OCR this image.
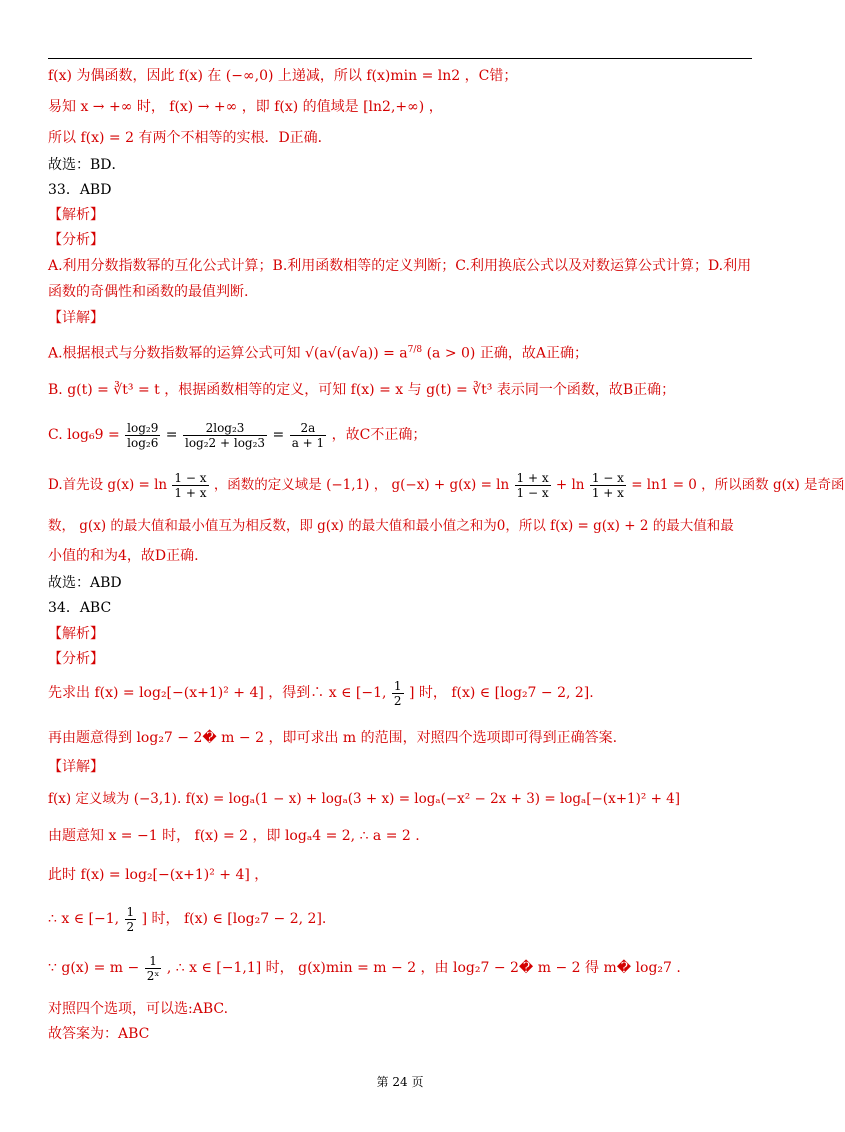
f(x) 为偶函数，因此 f(x) 在 (−∞,0) 上递减，所以 f(x)min = ln2 ，C错；
易知 x → +∞ 时， f(x) → +∞ ，即 f(x) 的值域是 [ln2,+∞) ，
所以 f(x) = 2 有两个不相等的实根．D正确．
故选：BD．
33．ABD
【解析】
【分析】
A.利用分数指数幂的互化公式计算；B.利用函数相等的定义判断；C.利用换底公式以及对数运算公式计算；D.利用
函数的奇偶性和函数的最值判断.
【详解】
A.根据根式与分数指数幂的运算公式可知 $√(a√(a√a)) = a^{7/8}$ (a > 0) 正确，故A正确；
B. g(t) = ∛t³ = t ，根据函数相等的定义，可知 f(x) = x 与 g(t) = ∛t³ 表示同一个函数，故B正确；
C. $\log_69 = \frac{\text{log₂9}}{\text{log₂6}} = \frac{\text{2log₂3}}{\text{log₂2 + log₂3}} = \frac{2a}{a + 1}$ ，故C不正确；
D.首先设 $g(x) = \ln \frac{1 - x}{1 + x}$ ，函数的定义域是 (−1,1) ， $g(-x) + g(x) = \ln \frac{1 + x}{1 - x} + \ln \frac{1 - x}{1 + x} = \ln 1 = 0$ ，所以函数 g(x) 是奇函
数， g(x) 的最大值和最小值互为相反数，即 g(x) 的最大值和最小值之和为0，所以 f(x) = g(x) + 2 的最大值和最
小值的和为4，故D正确.
故选：ABD
34．ABC
【解析】
【分析】
先求出 f(x) = log₂[−(x+1)² + 4] ，得到∴ x ∈ [−1, $\frac{1}{2}$ ] 时， f(x) ∈ [log₂7 − 2, 2].
再由题意得到 log₂7 − 2� m − 2 ，即可求出 m 的范围，对照四个选项即可得到正确答案.
【详解】
f(x) 定义域为 (−3,1). f(x) = logₐ(1 − x) + logₐ(3 + x) = logₐ(−x² − 2x + 3) = logₐ[−(x+1)² + 4]
由题意知 x = −1 时， f(x) = 2 ，即 logₐ4 = 2, ∴ a = 2 .
此时 f(x) = log₂[−(x+1)² + 4] ，
∴ x ∈ [−1, $\frac{1}{2}$ ] 时， f(x) ∈ [log₂7 − 2, 2].
∵ $g(x) = m - \frac{1}{\text{2ˣ}}$ , ∴ x ∈ [−1,1] 时， g(x)min = m − 2 ，由 log₂7 − 2� m − 2 得 m� log₂7 .
对照四个选项，可以选:ABC.
故答案为：ABC
第 24 页
